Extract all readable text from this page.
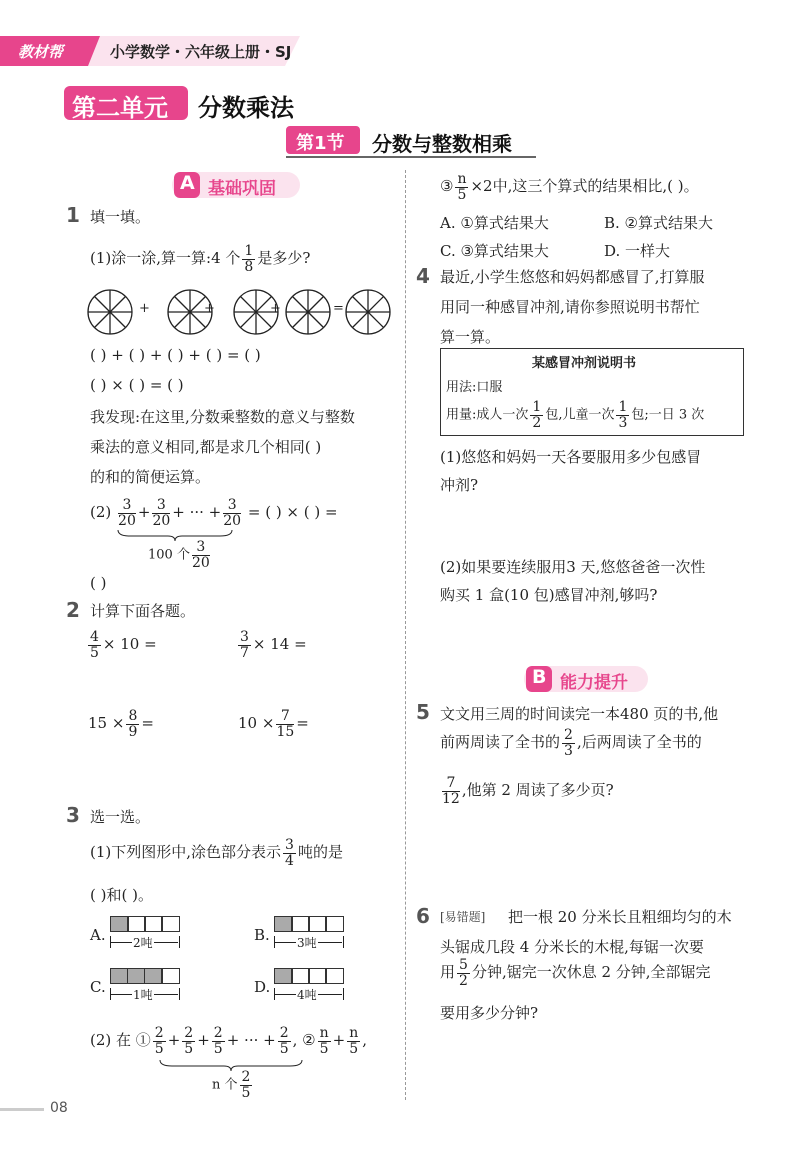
教材帮	小学数学・六年级上册・SJ
第二单元 分数乘法
第1节 分数与整数相乘
A 基础巩固
1 填一填。
(1)涂一涂,算一算:4 个 $\frac{1}{8}$ 是多少?
+	+	+	=
( ) + ( ) + ( ) + ( ) = ( )
( ) × ( ) = ( )
我发现:在这里,分数乘整数的意义与整数
乘法的意义相同,都是求几个相同( )
的和的简便运算。
$(2) \frac{3}{20} + \frac{3}{20}$ + ··· + $\frac{3}{20}$ = ( ) × ( ) =
100 个 $\frac{3}{20}$
( )
2 计算下面各题。
$\frac{4}{5} \times 10$ =	$\frac{3}{7} \times 14$ =
$15 \times \frac{8}{9}$ =	$10 \times \frac{7}{15}$ =
3 选一选。
(1)下列图形中,涂色部分表示 $\frac{3}{4}$ 吨的是
( )和( )。
A. 2吨	B. 3吨
C. 1吨	D. 4吨
(2) 在 ① $\frac{2}{5} + \frac{2}{5} + \frac{2}{5}$ + ··· + $\frac{2}{5}$ , ② $\frac{n}{5} + \frac{n}{5}$ ,
n 个 $\frac{2}{5}$
③ $\frac{n}{5} \times 2$中,这三个算式的结果相比,( )。
A. ①算式结果大	B. ②算式结果大
C. ③算式结果大	D. 一样大
4 最近,小学生悠悠和妈妈都感冒了,打算服
用同一种感冒冲剂,请你参照说明书帮忙
算一算。
某感冒冲剂说明书
用法:口服
用量:成人一次 $\frac{1}{2}$ 包,儿童一次 $\frac{1}{3}$ 包;一日 3 次
(1)悠悠和妈妈一天各要服用多少包感冒
冲剂?
(2)如果要连续服用3 天,悠悠爸爸一次性
购买 1 盒(10 包)感冒冲剂,够吗?
B 能力提升
5 文文用三周的时间读完一本480 页的书,他
前两周读了全书的 $\frac{2}{3}$ ,后两周读了全书的
$\frac{7}{12}$ ,他第 2 周读了多少页?
6 [易错题] 把一根 20 分米长且粗细均匀的木
头锯成几段 4 分米长的木棍,每锯一次要
用 $\frac{5}{2}$ 分钟,锯完一次休息 2 分钟,全部锯完
要用多少分钟?
08
